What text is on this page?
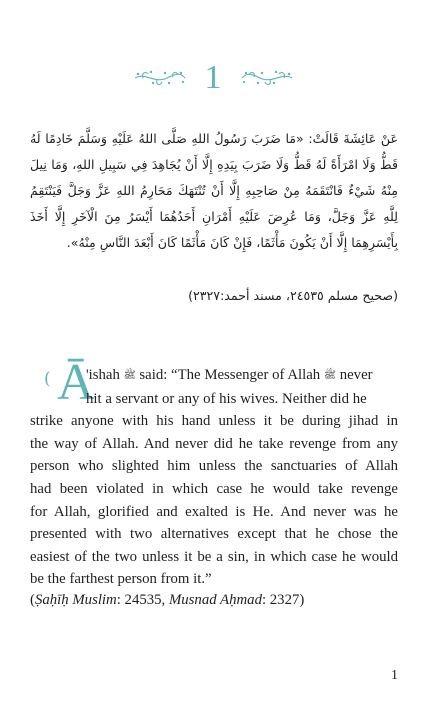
1
عَنْ عَائِشَةَ قَالَتْ: «مَا ضَرَبَ رَسُولُ اللهِ صَلَّى اللهُ عَلَيْهِ وَسَلَّمَ خَادِمًا لَهُ قَطُّ وَلَا امْرَأَةً لَهُ قَطُّ وَلَا ضَرَبَ بِيَدِهِ إِلَّا أَنْ يُجَاهِدَ فِي سَبِيلِ اللهِ، وَمَا نِيلَ مِنْهُ شَيْءٌ فَانْتَقَمَهُ مِنْ صَاحِبِهِ إِلَّا أَنْ تُنْتَهَكَ مَحَارِمُ اللهِ عَزَّ وَجَلَّ فَيَنْتَقِمُ لِلَّهِ عَزَّ وَجَلَّ، وَمَا عُرِضَ عَلَيْهِ أَمْرَانِ أَحَدُهُمَا أَيْسَرُ مِنَ الْآخَرِ إِلَّا أَخَذَ بِأَيْسَرِهِمَا إِلَّا أَنْ يَكُونَ مَأْثَمًا، فَإِنْ كَانَ مَأْثَمًا كَانَ أَبْعَدَ النَّاسِ مِنْهُ».
(صحيح مسلم ٢٤٥٣٥، مسند أحمد:٢٣٢٧)
( Ā
'ishah ﷺ said: “The Messenger of Allah ﷺ never
hit a servant or any of his wives. Neither did he
strike anyone with his hand unless it be during jihad in
the way of Allah. And never did he take revenge from any
person who slighted him unless the sanctuaries of Allah
had been violated in which case he would take revenge
for Allah, glorified and exalted is He. And never was he
presented with two alternatives except that he chose the
easiest of the two unless it be a sin, in which case he would
be the farthest person from it.”
(Ṣaḥīḥ Muslim: 24535, Musnad Aḥmad: 2327)
1
